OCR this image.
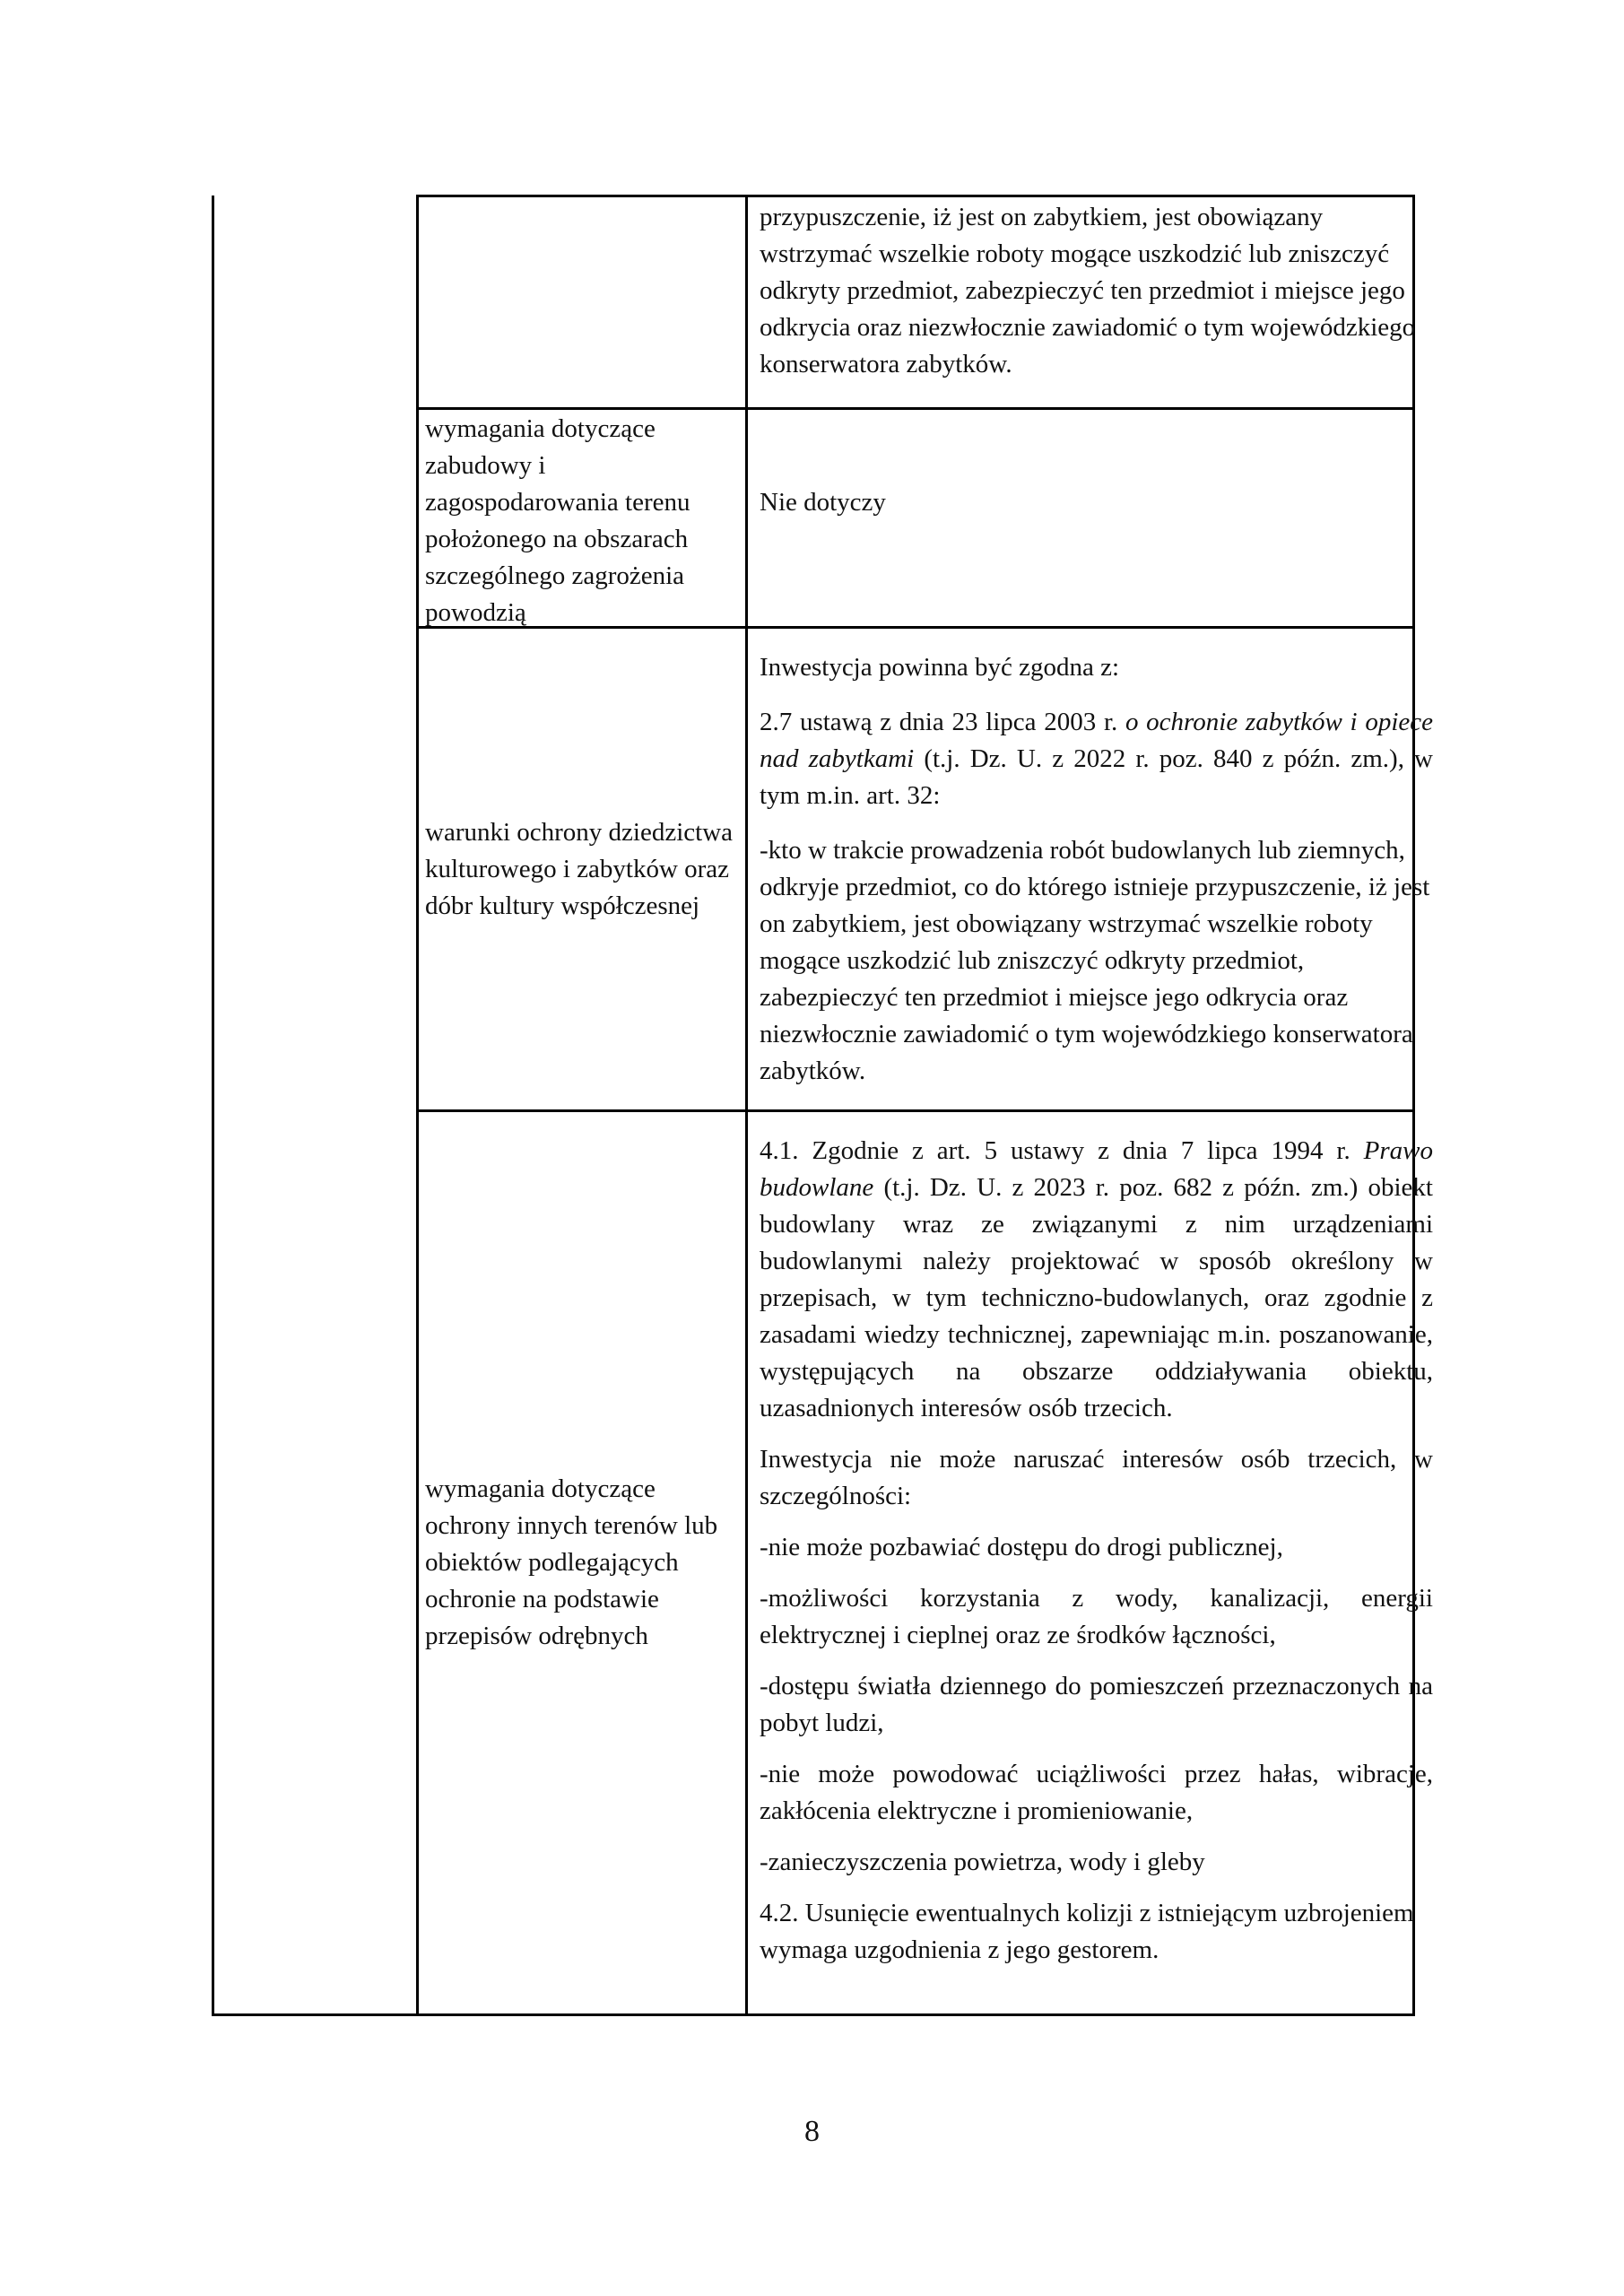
przypuszczenie, iż jest on zabytkiem, jest obowiązany wstrzymać wszelkie roboty mogące uszkodzić lub zniszczyć odkryty przedmiot, zabezpieczyć ten przedmiot i miejsce jego odkrycia oraz niezwłocznie zawiadomić o tym wojewódzkiego konserwatora zabytków.

wymagania dotyczące zabudowy i zagospodarowania terenu położonego na obszarach szczególnego zagrożenia powodzią

Nie dotyczy

warunki ochrony dziedzictwa kulturowego i zabytków oraz dóbr kultury współczesnej

Inwestycja powinna być zgodna z:

2.7 ustawą z dnia 23 lipca 2003 r. o ochronie zabytków i opiece nad zabytkami (t.j. Dz. U. z 2022 r. poz. 840 z późn. zm.), w tym m.in. art. 32:

-kto w trakcie prowadzenia robót budowlanych lub ziemnych, odkryje przedmiot, co do którego istnieje przypuszczenie, iż jest on zabytkiem, jest obowiązany wstrzymać wszelkie roboty mogące uszkodzić lub zniszczyć odkryty przedmiot, zabezpieczyć ten przedmiot i miejsce jego odkrycia oraz niezwłocznie zawiadomić o tym wojewódzkiego konserwatora zabytków.

wymagania dotyczące ochrony innych terenów lub obiektów podlegających ochronie na podstawie przepisów odrębnych

4.1. Zgodnie z art. 5 ustawy z dnia 7 lipca 1994 r. Prawo budowlane (t.j. Dz. U. z 2023 r. poz. 682 z późn. zm.) obiekt budowlany wraz ze związanymi z nim urządzeniami budowlanymi należy projektować w sposób określony w przepisach, w tym techniczno-budowlanych, oraz zgodnie z zasadami wiedzy technicznej, zapewniając m.in. poszanowanie, występujących na obszarze oddziaływania obiektu, uzasadnionych interesów osób trzecich.

Inwestycja nie może naruszać interesów osób trzecich, w szczególności:

-nie może pozbawiać dostępu do drogi publicznej,

-możliwości korzystania z wody, kanalizacji, energii elektrycznej i cieplnej oraz ze środków łączności,

-dostępu światła dziennego do pomieszczeń przeznaczonych na pobyt ludzi,

-nie może powodować uciążliwości przez hałas, wibracje, zakłócenia elektryczne i promieniowanie,

-zanieczyszczenia powietrza, wody i gleby

4.2. Usunięcie ewentualnych kolizji z istniejącym uzbrojeniem wymaga uzgodnienia z jego gestorem.

8
